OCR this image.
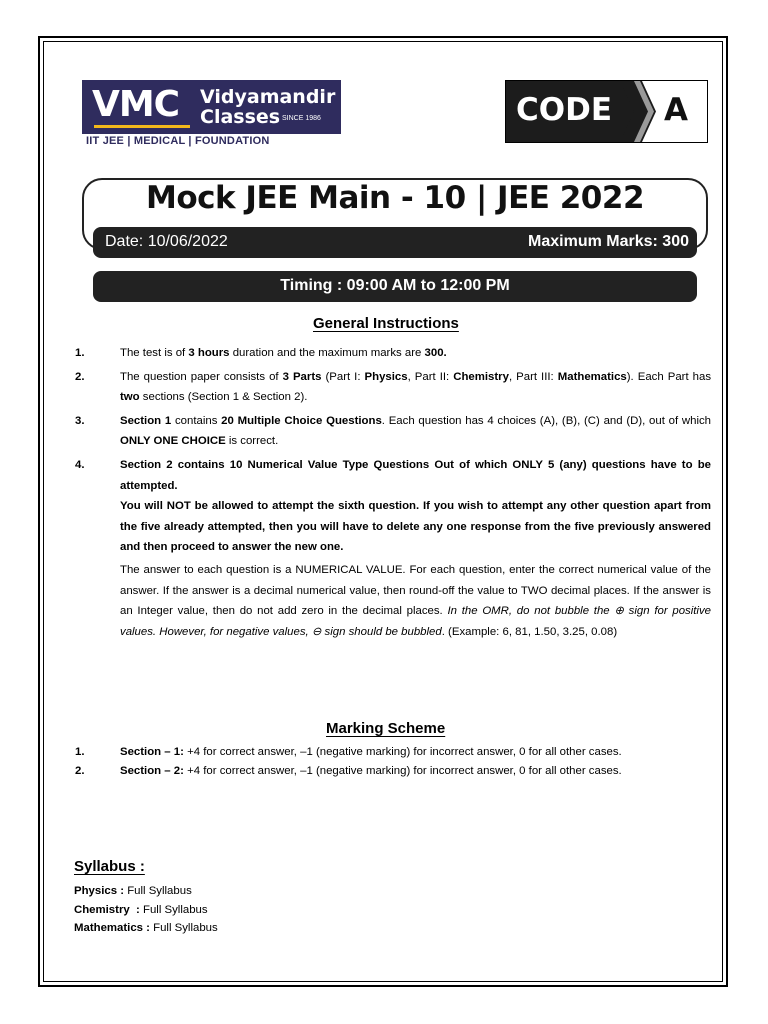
VMC Vidyamandir
Classes SINCE 1986
IIT JEE | MEDICAL | FOUNDATION
CODE A
Mock JEE Main - 10 | JEE 2022
Date: 10/06/2022	Maximum Marks: 300
Timing : 09:00 AM to 12:00 PM
General Instructions
1.	The test is of 3 hours duration and the maximum marks are 300.
2.	The question paper consists of 3 Parts (Part I: Physics, Part II: Chemistry, Part III: Mathematics). Each Part has two sections (Section 1 & Section 2).
3.	Section 1 contains 20 Multiple Choice Questions. Each question has 4 choices (A), (B), (C) and (D), out of which ONLY ONE CHOICE is correct.
4.	Section 2 contains 10 Numerical Value Type Questions Out of which ONLY 5 (any) questions have to be attempted.
You will NOT be allowed to attempt the sixth question. If you wish to attempt any other question apart from the five already attempted, then you will have to delete any one response from the five previously answered and then proceed to answer the new one.
The answer to each question is a NUMERICAL VALUE. For each question, enter the correct numerical value of the answer. If the answer is a decimal numerical value, then round-off the value to TWO decimal places. If the answer is an Integer value, then do not add zero in the decimal places. In the OMR, do not bubble the ⊕ sign for positive values. However, for negative values, ⊖ sign should be bubbled. (Example: 6, 81, 1.50, 3.25, 0.08)
Marking Scheme
1.	Section – 1: +4 for correct answer, –1 (negative marking) for incorrect answer, 0 for all other cases.
2.	Section – 2: +4 for correct answer, –1 (negative marking) for incorrect answer, 0 for all other cases.
Syllabus :
Physics : Full Syllabus
Chemistry  : Full Syllabus
Mathematics : Full Syllabus
